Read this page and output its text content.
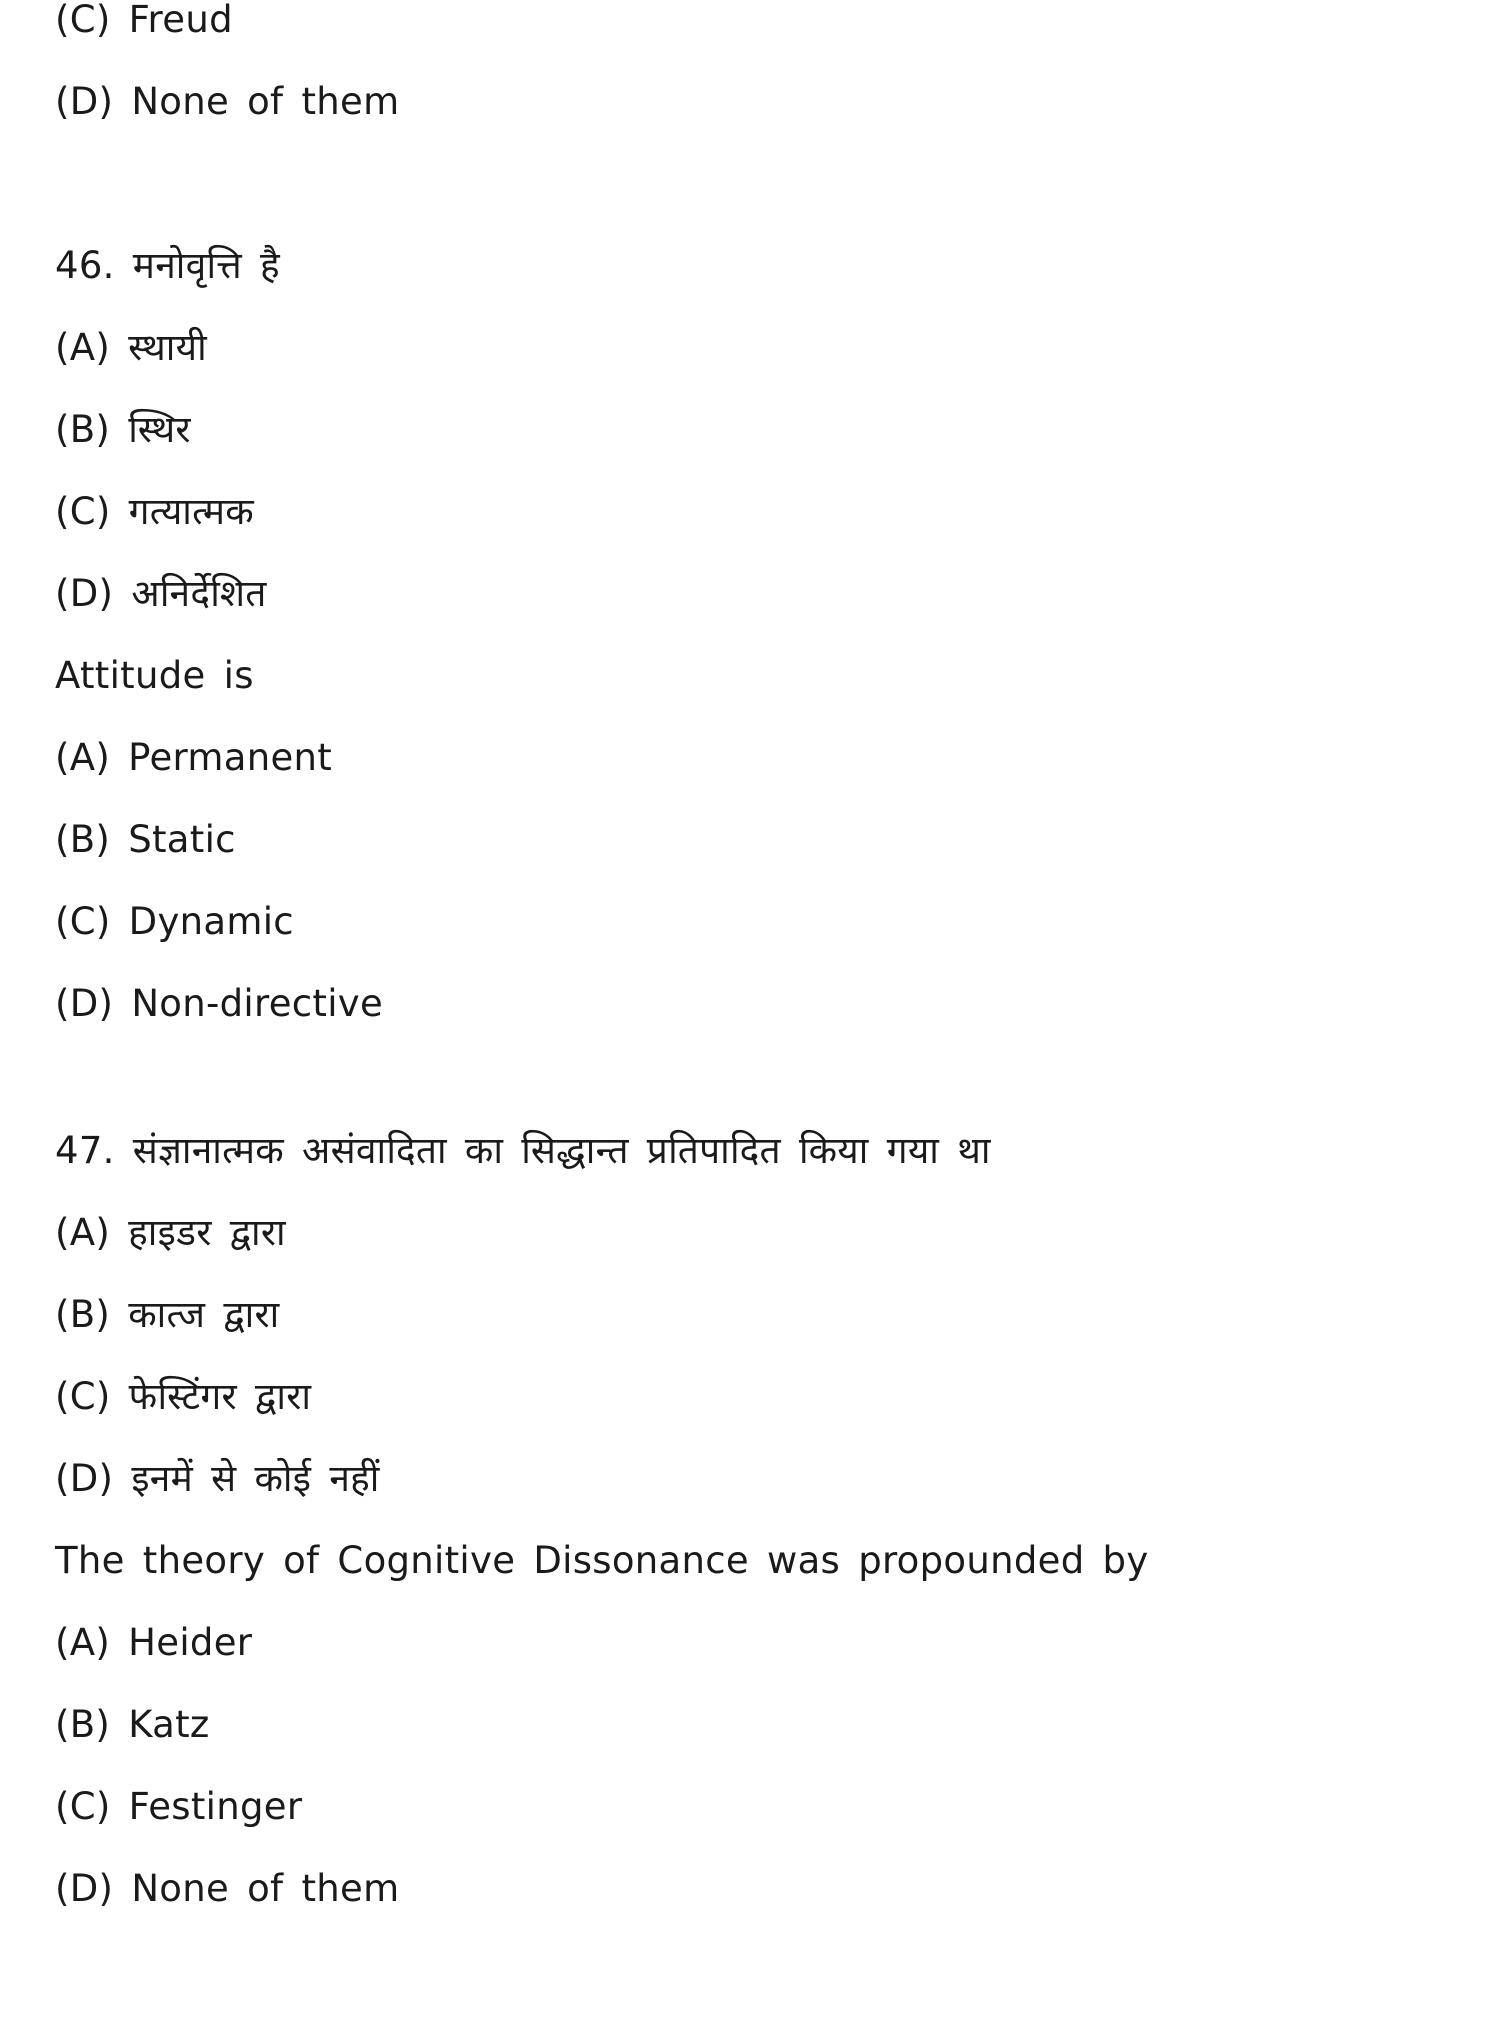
(C) Freud
(D) None of them
46. मनोवृत्ति है
(A) स्थायी
(B) स्थिर
(C) गत्यात्मक
(D) अनिर्देशित
Attitude is
(A) Permanent
(B) Static
(C) Dynamic
(D) Non-directive
47. संज्ञानात्मक असंवादिता का सिद्धान्त प्रतिपादित किया गया था
(A) हाइडर द्वारा
(B) कात्ज द्वारा
(C) फेस्टिंगर द्वारा
(D) इनमें से कोई नहीं
The theory of Cognitive Dissonance was propounded by
(A) Heider
(B) Katz
(C) Festinger
(D) None of them
